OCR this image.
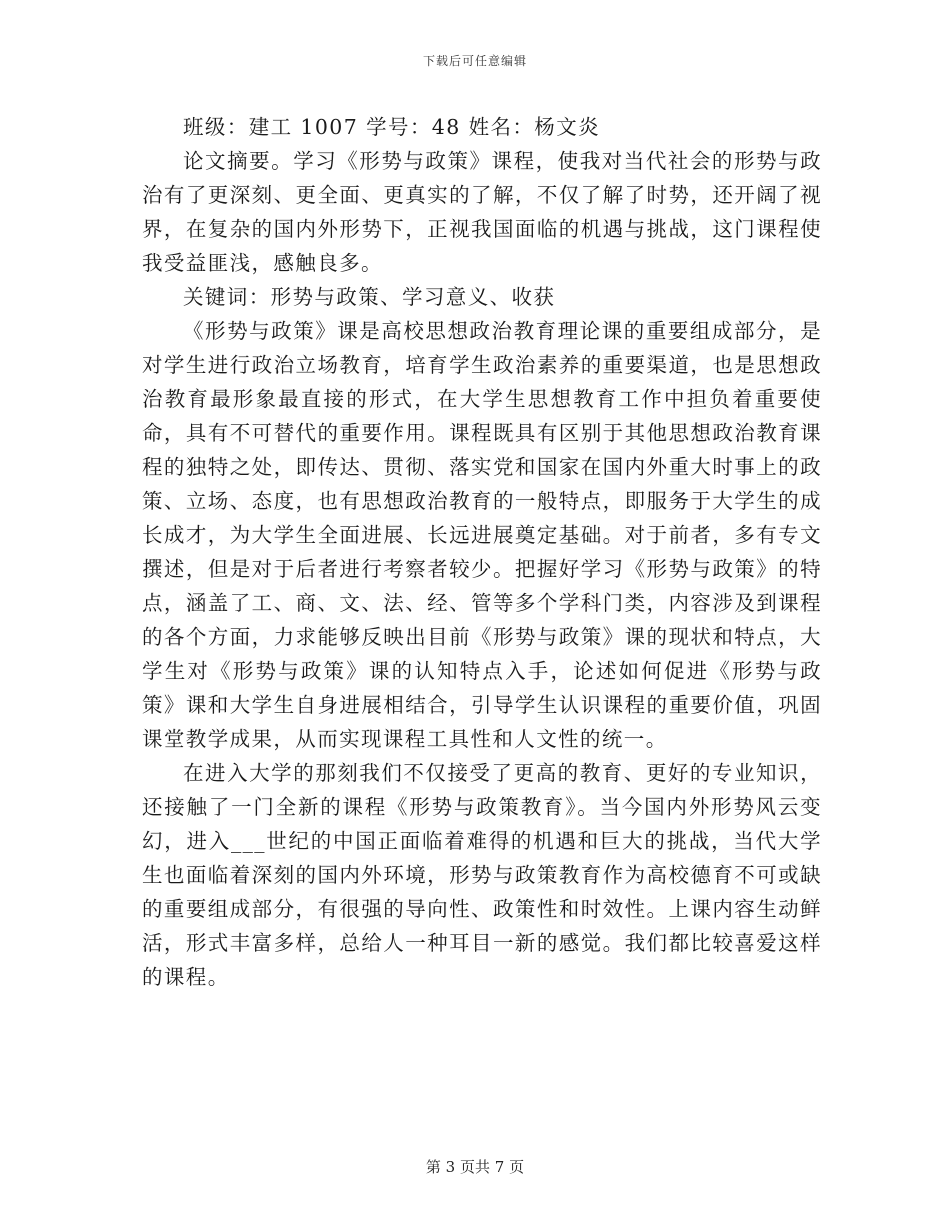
下载后可任意编辑

班级：建工 1007 学号：48 姓名：杨文炎

论文摘要。学习《形势与政策》课程，使我对当代社会的形势与政治有了更深刻、更全面、更真实的了解，不仅了解了时势，还开阔了视界，在复杂的国内外形势下，正视我国面临的机遇与挑战，这门课程使我受益匪浅，感触良多。

关键词：形势与政策、学习意义、收获

《形势与政策》课是高校思想政治教育理论课的重要组成部分，是对学生进行政治立场教育，培育学生政治素养的重要渠道，也是思想政治教育最形象最直接的形式，在大学生思想教育工作中担负着重要使命，具有不可替代的重要作用。课程既具有区别于其他思想政治教育课程的独特之处，即传达、贯彻、落实党和国家在国内外重大时事上的政策、立场、态度，也有思想政治教育的一般特点，即服务于大学生的成长成才，为大学生全面进展、长远进展奠定基础。对于前者，多有专文撰述，但是对于后者进行考察者较少。把握好学习《形势与政策》的特点，涵盖了工、商、文、法、经、管等多个学科门类，内容涉及到课程的各个方面，力求能够反映出目前《形势与政策》课的现状和特点，大学生对《形势与政策》课的认知特点入手，论述如何促进《形势与政策》课和大学生自身进展相结合，引导学生认识课程的重要价值，巩固课堂教学成果，从而实现课程工具性和人文性的统一。

在进入大学的那刻我们不仅接受了更高的教育、更好的专业知识，还接触了一门全新的课程《形势与政策教育》。当今国内外形势风云变幻，进入___世纪的中国正面临着难得的机遇和巨大的挑战，当代大学生也面临着深刻的国内外环境，形势与政策教育作为高校德育不可或缺的重要组成部分，有很强的导向性、政策性和时效性。上课内容生动鲜活，形式丰富多样，总给人一种耳目一新的感觉。我们都比较喜爱这样的课程。

第 3 页共 7 页
